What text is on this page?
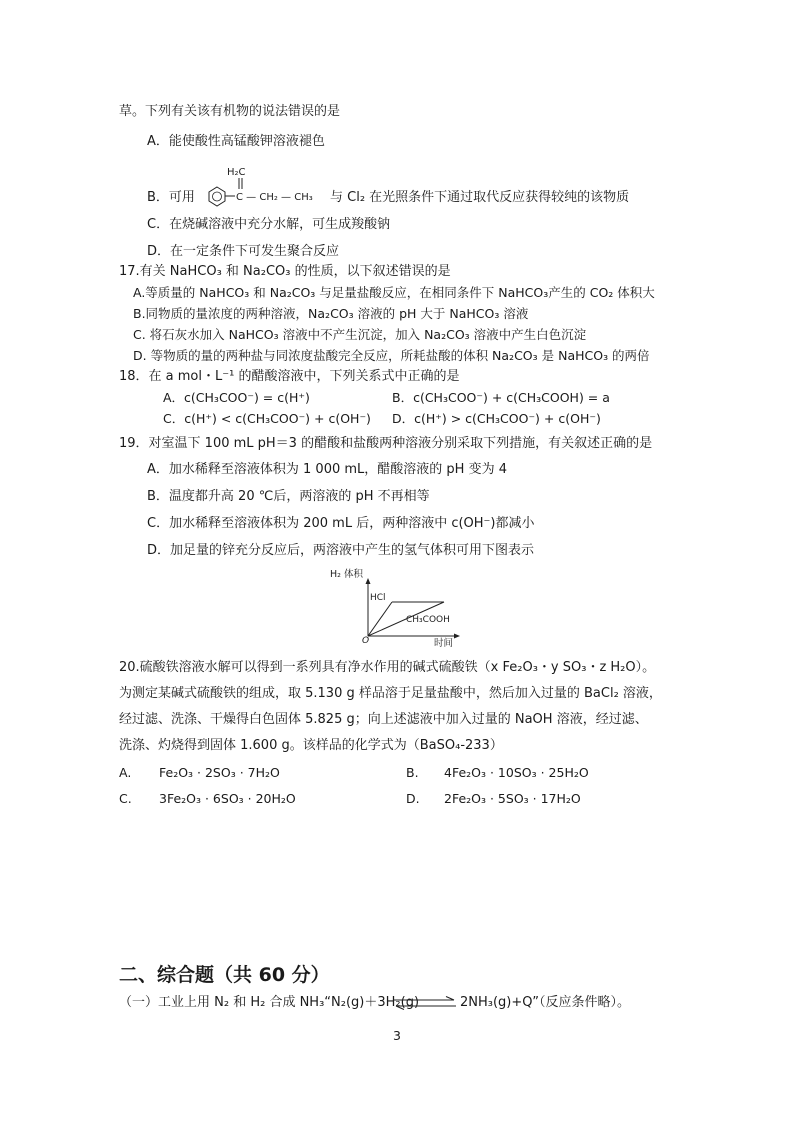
草。下列有关该有机物的说法错误的是
A．能使酸性高锰酸钾溶液褪色
B．可用
H₂C
C — CH₂ — CH₃ 与 Cl₂ 在光照条件下通过取代反应获得较纯的该物质
C．在烧碱溶液中充分水解，可生成羧酸钠
D．在一定条件下可发生聚合反应
17.有关 NaHCO₃ 和 Na₂CO₃ 的性质，以下叙述错误的是
A.等质量的 NaHCO₃ 和 Na₂CO₃ 与足量盐酸反应，在相同条件下 NaHCO₃产生的 CO₂ 体积大
B.同物质的量浓度的两种溶液，Na₂CO₃ 溶液的 pH 大于 NaHCO₃ 溶液
C. 将石灰水加入 NaHCO₃ 溶液中不产生沉淀，加入 Na₂CO₃ 溶液中产生白色沉淀
D. 等物质的量的两种盐与同浓度盐酸完全反应，所耗盐酸的体积 Na₂CO₃ 是 NaHCO₃ 的两倍
18．在 a mol・L⁻¹ 的醋酸溶液中，下列关系式中正确的是
A．c(CH₃COO⁻) = c(H⁺)	B．c(CH₃COO⁻) + c(CH₃COOH) = a
C．c(H⁺) < c(CH₃COO⁻) + c(OH⁻) D．c(H⁺) > c(CH₃COO⁻) + c(OH⁻)
19．对室温下 100 mL pH＝3 的醋酸和盐酸两种溶液分别采取下列措施，有关叙述正确的是
A．加水稀释至溶液体积为 1 000 mL，醋酸溶液的 pH 变为 4
B．温度都升高 20 ℃后，两溶液的 pH 不再相等
C．加水稀释至溶液体积为 200 mL 后，两种溶液中 c(OH⁻)都减小
D．加足量的锌充分反应后，两溶液中产生的氢气体积可用下图表示
H₂ 体积
时间
O
HCl
CH₃COOH
20.硫酸铁溶液水解可以得到一系列具有净水作用的碱式硫酸铁（x Fe₂O₃・y SO₃・z H₂O）。
为测定某碱式硫酸铁的组成，取 5.130 g 样品溶于足量盐酸中，然后加入过量的 BaCl₂ 溶液，
经过滤、洗涤、干燥得白色固体 5.825 g；向上述滤液中加入过量的 NaOH 溶液，经过滤、
洗涤、灼烧得到固体 1.600 g。该样品的化学式为（BaSO₄-233）
A. Fe₂O₃ · 2SO₃ · 7H₂O	B. 4Fe₂O₃ · 10SO₃ · 25H₂O
C. 3Fe₂O₃ · 6SO₃ · 20H₂O	D. 2Fe₂O₃ · 5SO₃ · 17H₂O
二、综合题（共 60 分）
（一）工业上用 N₂ 和 H₂ 合成 NH₃“N₂(g)＋3H₂(g)	2NH₃(g)+Q”（反应条件略）。
3
